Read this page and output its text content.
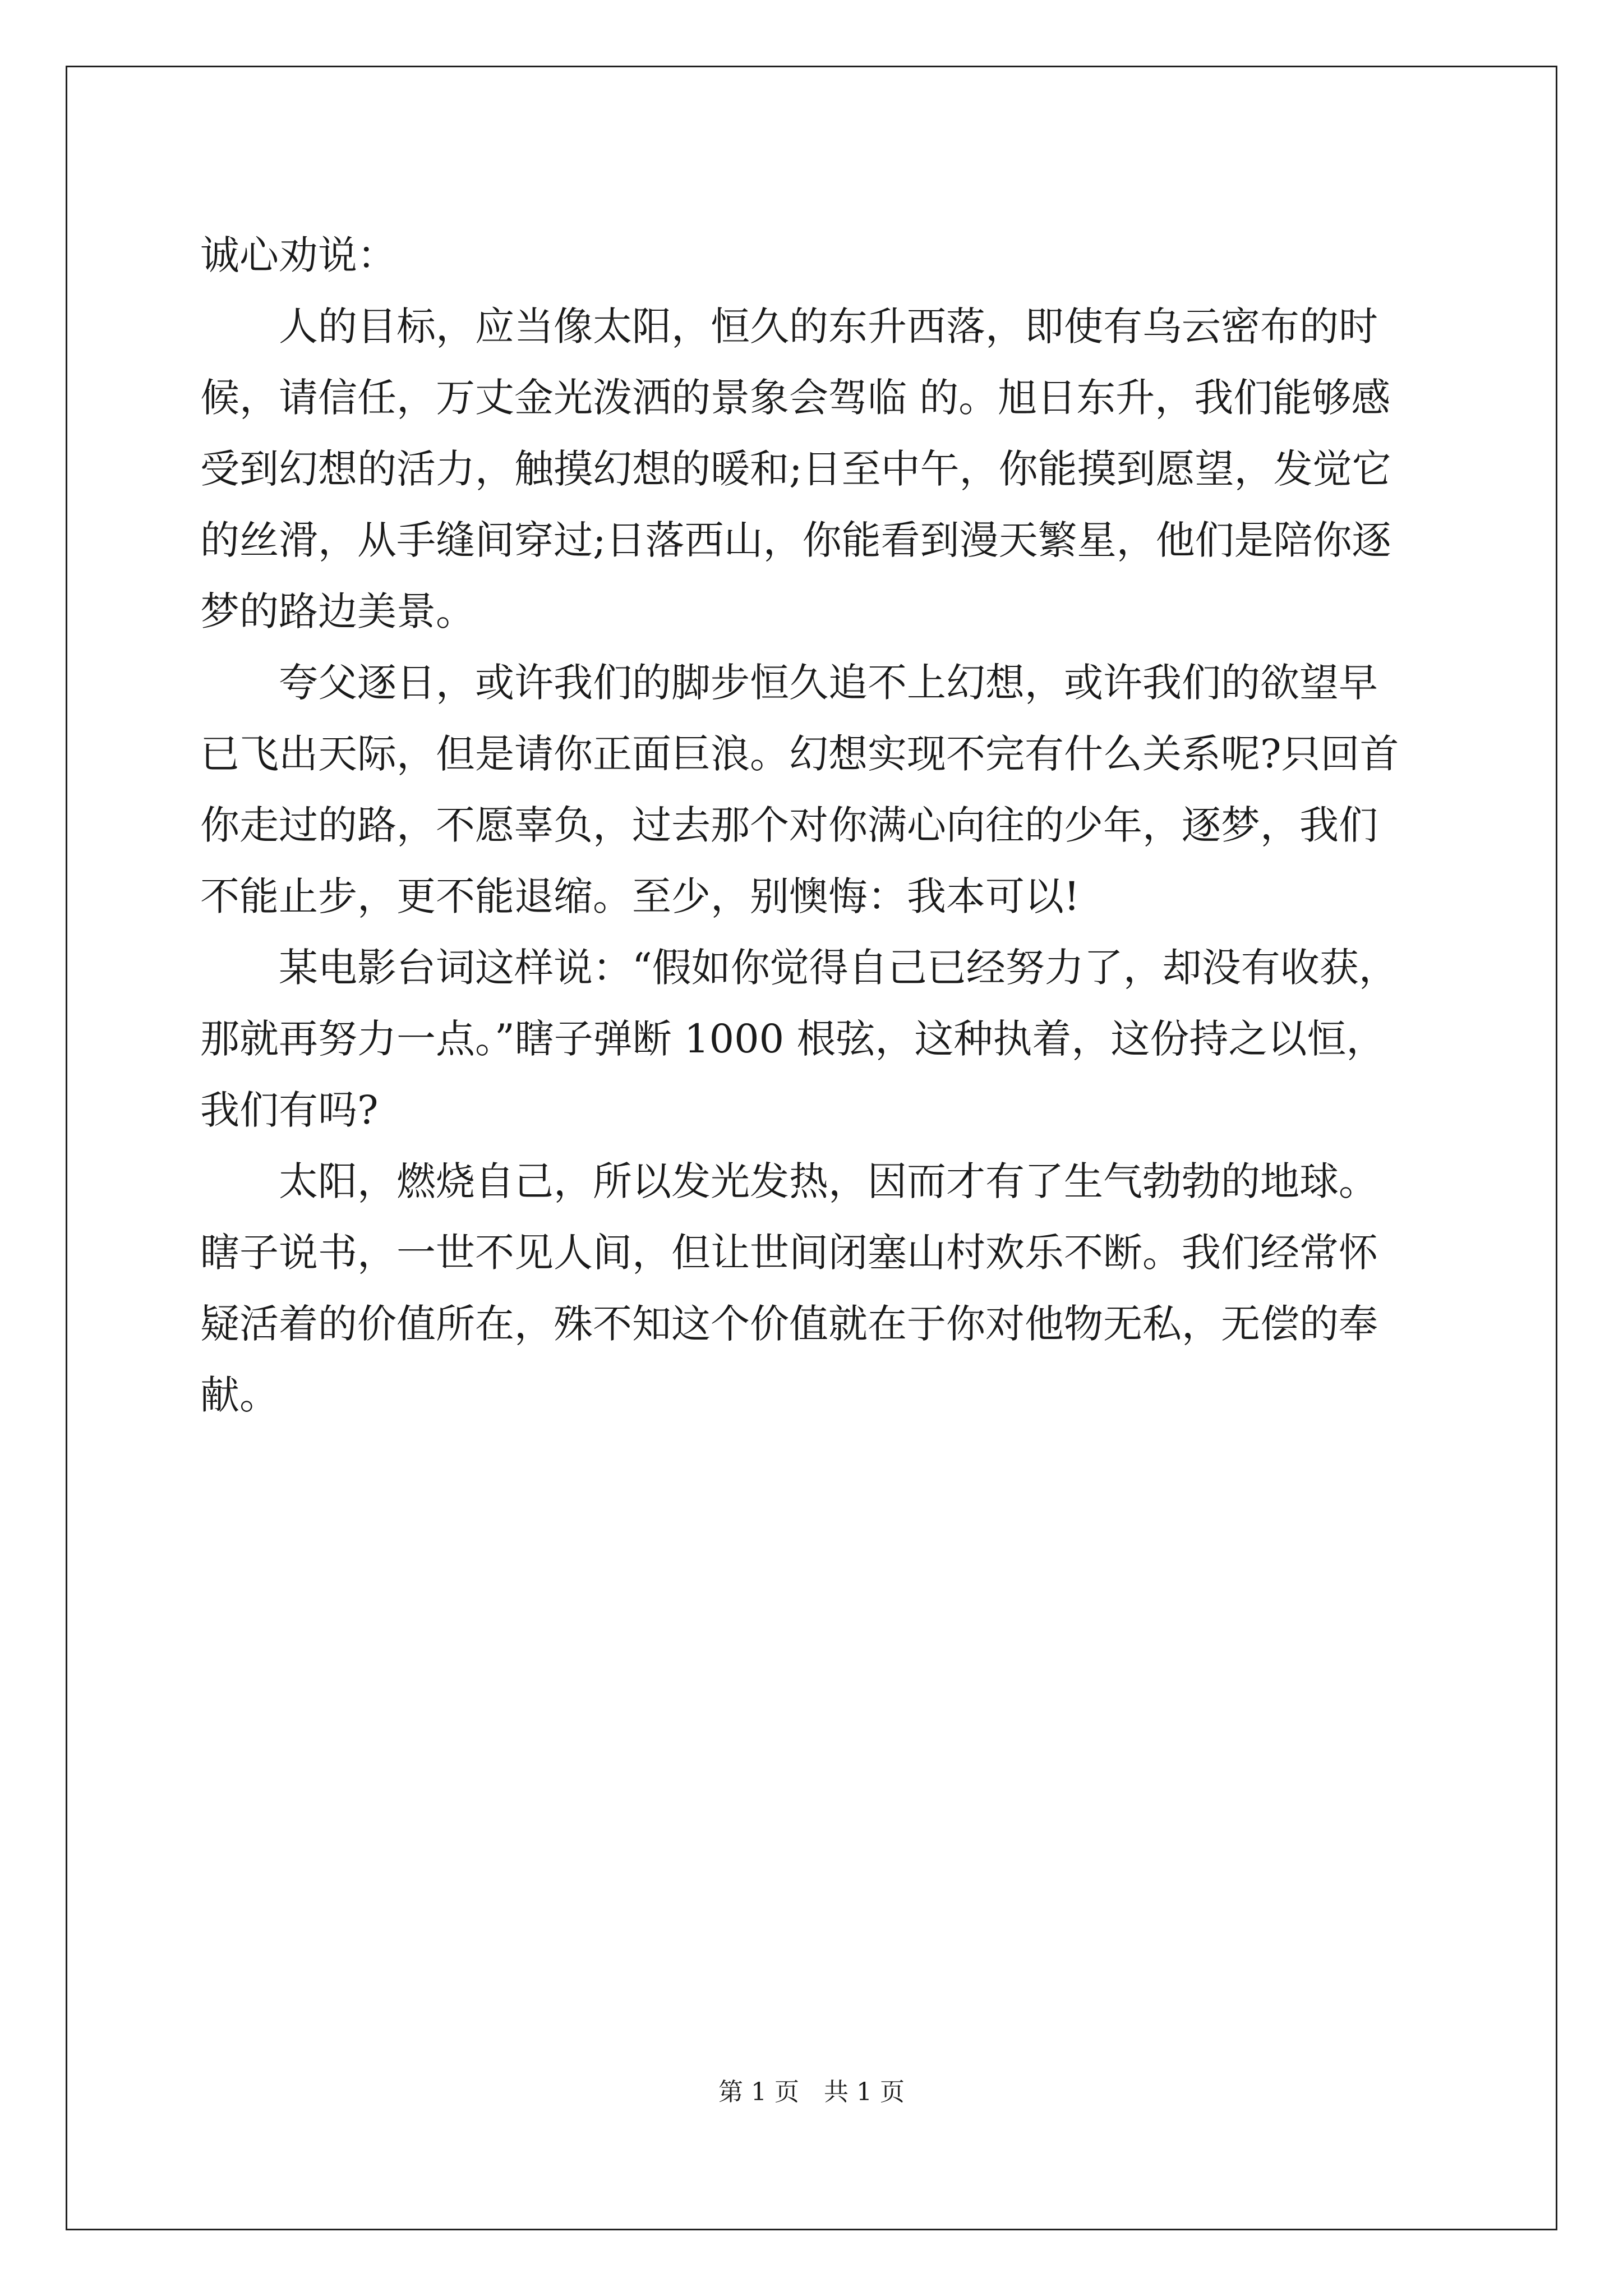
诚心劝说：
　　人的目标，应当像太阳，恒久的东升西落，即使有乌云密布的时
候，请信任，万丈金光泼洒的景象会驾临 的。旭日东升，我们能够感
受到幻想的活力，触摸幻想的暖和;日至中午，你能摸到愿望，发觉它
的丝滑，从手缝间穿过;日落西山，你能看到漫天繁星，他们是陪你逐
梦的路边美景。
　　夸父逐日，或许我们的脚步恒久追不上幻想，或许我们的欲望早
已飞出天际，但是请你正面巨浪。幻想实现不完有什么关系呢?只回首
你走过的路，不愿辜负，过去那个对你满心向往的少年，逐梦，我们
不能止步，更不能退缩。至少，别懊悔：我本可以!
　　某电影台词这样说：“假如你觉得自己已经努力了，却没有收获，
那就再努力一点。”瞎子弹断 1000 根弦，这种执着，这份持之以恒，
我们有吗?
　　太阳，燃烧自己，所以发光发热，因而才有了生气勃勃的地球。
瞎子说书，一世不见人间，但让世间闭塞山村欢乐不断。我们经常怀
疑活着的价值所在，殊不知这个价值就在于你对他物无私，无偿的奉
献。
第 1 页　共 1 页
